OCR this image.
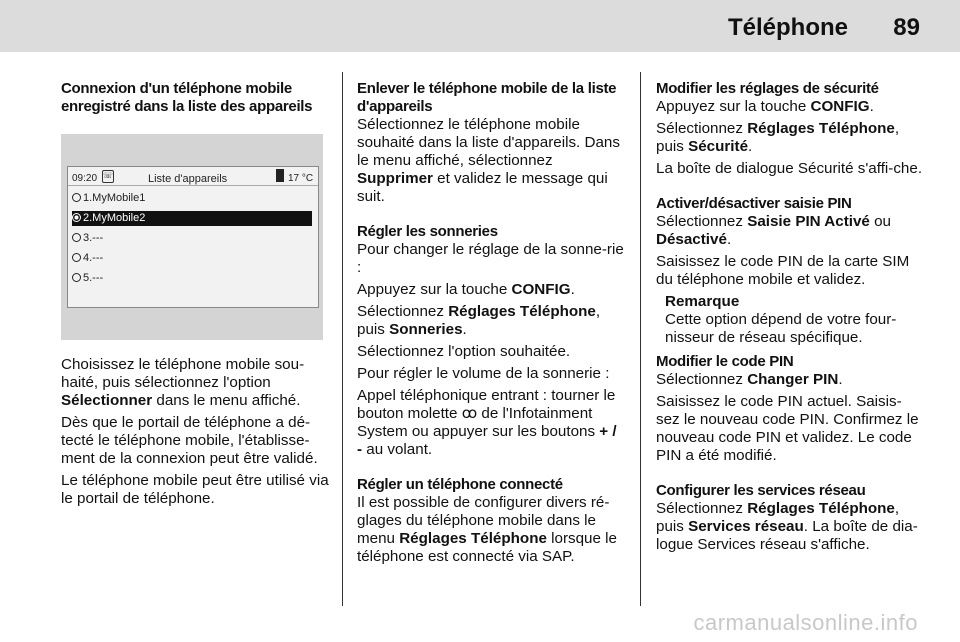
Téléphone 89
Connexion d'un téléphone mobile enregistré dans la liste des appareils
09:20 ☏	Liste d'appareils	17 °C
1.MyMobile1
2.MyMobile2
3.---
4.---
5.---

Choisissez le téléphone mobile sou-haité, puis sélectionnez l'option Sélectionner dans le menu affiché.

Dès que le portail de téléphone a dé-tecté le téléphone mobile, l'établisse-ment de la connexion peut être validé.

Le téléphone mobile peut être utilisé via le portail de téléphone.

Enlever le téléphone mobile de la liste d'appareils

Sélectionnez le téléphone mobile souhaité dans la liste d'appareils. Dans le menu affiché, sélectionnez Supprimer et validez le message qui suit.

Régler les sonneries

Pour changer le réglage de la sonne-rie :

Appuyez sur la touche CONFIG.

Sélectionnez Réglages Téléphone, puis Sonneries.

Sélectionnez l'option souhaitée.

Pour régler le volume de la sonnerie :

Appel téléphonique entrant : tourner le bouton molette ꝏ de l'Infotainment System ou appuyer sur les boutons + / - au volant.

Régler un téléphone connecté

Il est possible de configurer divers ré-glages du téléphone mobile dans le menu Réglages Téléphone lorsque le téléphone est connecté via SAP.

Modifier les réglages de sécurité

Appuyez sur la touche CONFIG.

Sélectionnez Réglages Téléphone, puis Sécurité.

La boîte de dialogue Sécurité s'affi-che.

Activer/désactiver saisie PIN

Sélectionnez Saisie PIN Activé ou Désactivé.

Saisissez le code PIN de la carte SIM du téléphone mobile et validez.

Remarque
Cette option dépend de votre four-nisseur de réseau spécifique.
Modifier le code PIN

Sélectionnez Changer PIN.

Saisissez le code PIN actuel. Saisis-sez le nouveau code PIN. Confirmez le nouveau code PIN et validez. Le code PIN a été modifié.

Configurer les services réseau

Sélectionnez Réglages Téléphone, puis Services réseau. La boîte de dia-logue Services réseau s'affiche.

carmanualsonline.info
